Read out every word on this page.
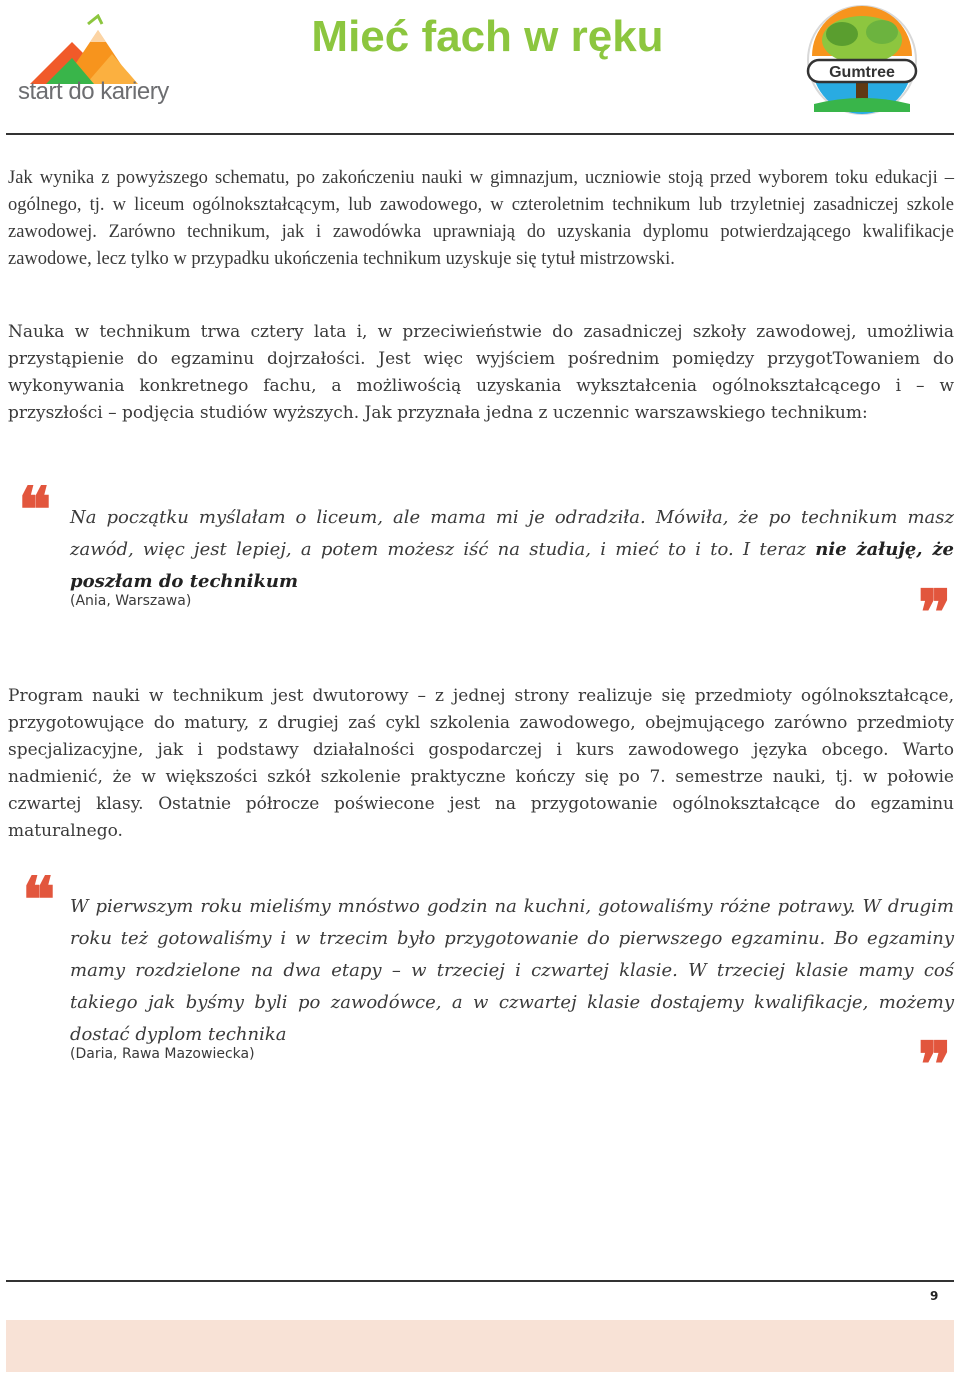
start do kariery
Mieć fach w ręku
Gumtree

Jak wynika z powyższego schematu, po zakończeniu nauki w gimnazjum, uczniowie stoją przed wyborem toku edukacji – ogólnego, tj. w liceum ogólnokształcącym, lub zawodowego, w czteroletnim technikum lub trzyletniej zasadniczej szkole zawodowej. Zarówno technikum, jak i zawodówka uprawniają do uzyskania dyplomu potwierdzającego kwalifikacje zawodowe, lecz tylko w przypadku ukończenia technikum uzyskuje się tytuł mistrzowski.

Nauka w technikum trwa cztery lata i, w przeciwieństwie do zasadniczej szkoły zawodowej, umożliwia przystąpienie do egzaminu dojrzałości. Jest więc wyjściem pośrednim pomiędzy przygotTowaniem do wykonywania konkretnego fachu, a możliwością uzyskania wykształcenia ogólnokształcącego i – w przyszłości – podjęcia studiów wyższych. Jak przyznała jedna z uczennic warszawskiego technikum:

❝ Na początku myślałam o liceum, ale mama mi je odradziła. Mówiła, że po technikum masz zawód, więc jest lepiej, a potem możesz iść na studia, i mieć to i to. I teraz nie żałuję, że poszłam do technikum

(Ania, Warszawa)	❞

Program nauki w technikum jest dwutorowy – z jednej strony realizuje się przedmioty ogólnokształcące, przygotowujące do matury, z drugiej zaś cykl szkolenia zawodowego, obejmującego zarówno przedmioty specjalizacyjne, jak i podstawy działalności gospodarczej i kurs zawodowego języka obcego. Warto nadmienić, że w większości szkół szkolenie praktyczne kończy się po 7. semestrze nauki, tj. w połowie czwartej klasy. Ostatnie półrocze poświecone jest na przygotowanie ogólnokształcące do egzaminu maturalnego.

❝ W pierwszym roku mieliśmy mnóstwo godzin na kuchni, gotowaliśmy różne potrawy. W drugim roku też gotowaliśmy i w trzecim było przygotowanie do pierwszego egzaminu. Bo egzaminy mamy rozdzielone na dwa etapy – w trzeciej i czwartej klasie. W trzeciej klasie mamy coś takiego jak byśmy byli po zawodówce, a w czwartej klasie dostajemy kwalifikacje, możemy dostać dyplom technika

(Daria, Rawa Mazowiecka)	❞
9
